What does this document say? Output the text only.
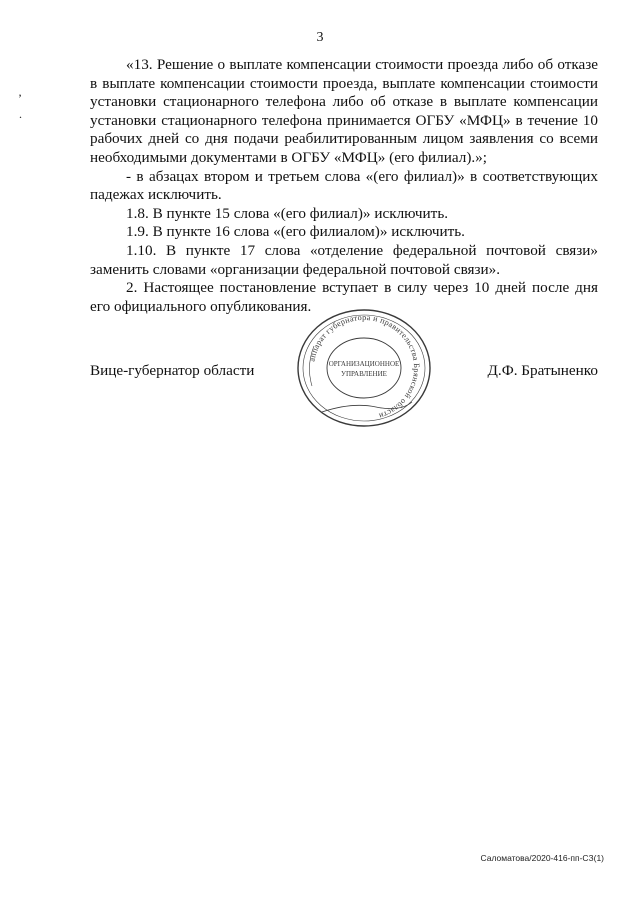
3
’
.

«13. Решение о выплате компенсации стоимости проезда либо об отказе в выплате компенсации стоимости проезда, выплате компенсации стоимости установки стационарного телефона либо об отказе в выплате компенсации установки стационарного телефона принимается ОГБУ «МФЦ» в течение 10 рабочих дней со дня подачи реабилитированным лицом заявления со всеми необходимыми документами в ОГБУ «МФЦ» (его филиал).»;

- в абзацах втором и третьем слова «(его филиал)» в соответствующих падежах исключить.

1.8. В пункте 15 слова «(его филиал)» исключить.

1.9. В пункте 16 слова «(его филиалом)» исключить.

1.10. В пункте 17 слова «отделение федеральной почтовой связи» заменить словами «организации федеральной почтовой связи».

2. Настоящее постановление вступает в силу через 10 дней после дня его официального опубликования.

Вице-губернатор области	Д.Ф. Братыненко
аппарат губернатора и правительства Брянской области
ОРГАНИЗАЦИОННОЕ
УПРАВЛЕНИЕ
Саломатова/2020-416-пп-СЗ(1)
